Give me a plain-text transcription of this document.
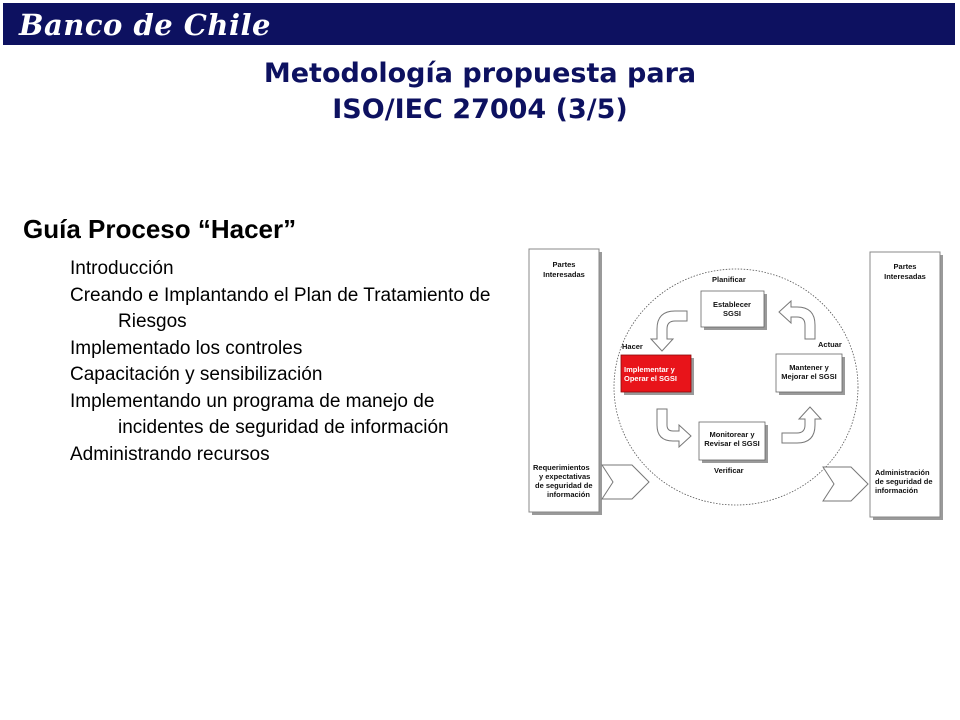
Banco de Chile
Metodología propuesta para
ISO/IEC 27004 (3/5)
Guía Proceso “Hacer”
Introducción
Creando e Implantando el Plan de Tratamiento de Riesgos
Implementado los controles
Capacitación y sensibilización
Implementando un programa de manejo de incidentes de seguridad de información
Administrando recursos
Partes
Interesadas
Partes
Interesadas
Planificar
Hacer	Actuar
Verificar
Establecer
SGSI
Implementar y
Operar el SGSI
Mantener y
Mejorar el SGSI
Monitorear y
Revisar el SGSI
Requerimientos
y expectativas
de seguridad de
información
Administración
de seguridad de
información
